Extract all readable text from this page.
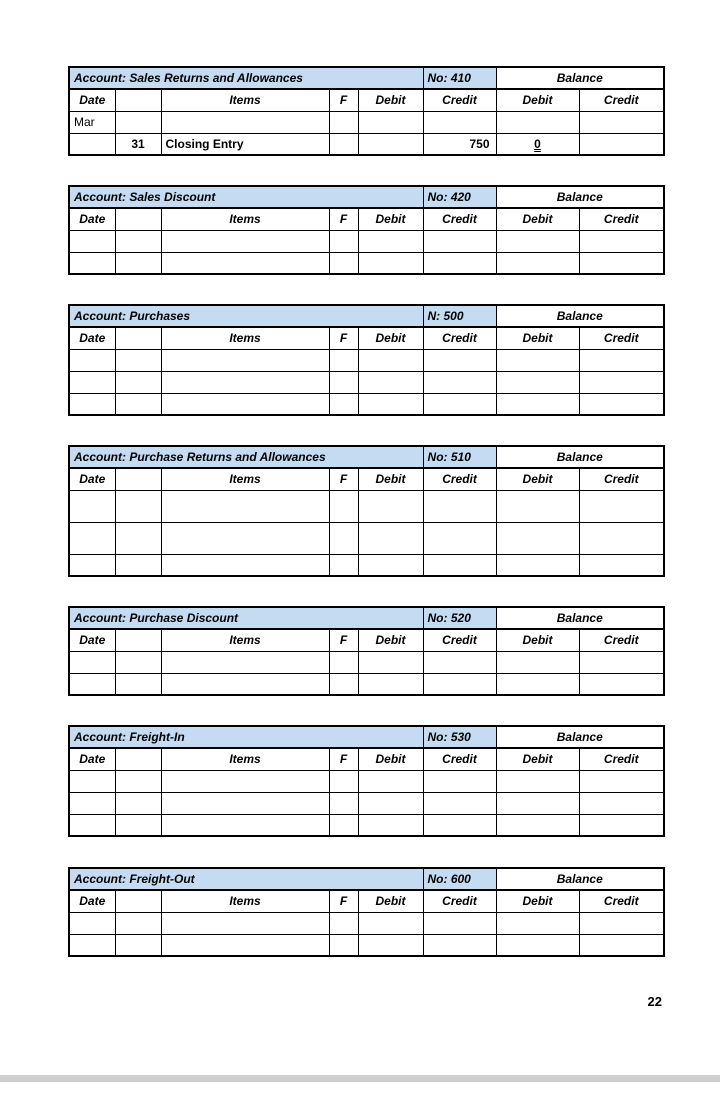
Account: Sales Returns and Allowances					No: 410	Balance	
Date		Items	F	Debit	Credit	Debit	Credit
Mar							
	31	Closing Entry			750	0	
Account: Sales Discount					No: 420	Balance	
Date		Items	F	Debit	Credit	Debit	Credit

Account: Purchases					N: 500	Balance	
Date		Items	F	Debit	Credit	Debit	Credit

Account: Purchase Returns and Allowances					No: 510	Balance	
Date		Items	F	Debit	Credit	Debit	Credit

Account: Purchase Discount					No: 520	Balance	
Date		Items	F	Debit	Credit	Debit	Credit

Account: Freight-In					No: 530	Balance	
Date		Items	F	Debit	Credit	Debit	Credit

Account: Freight-Out					No: 600	Balance	
Date		Items	F	Debit	Credit	Debit	Credit

22
